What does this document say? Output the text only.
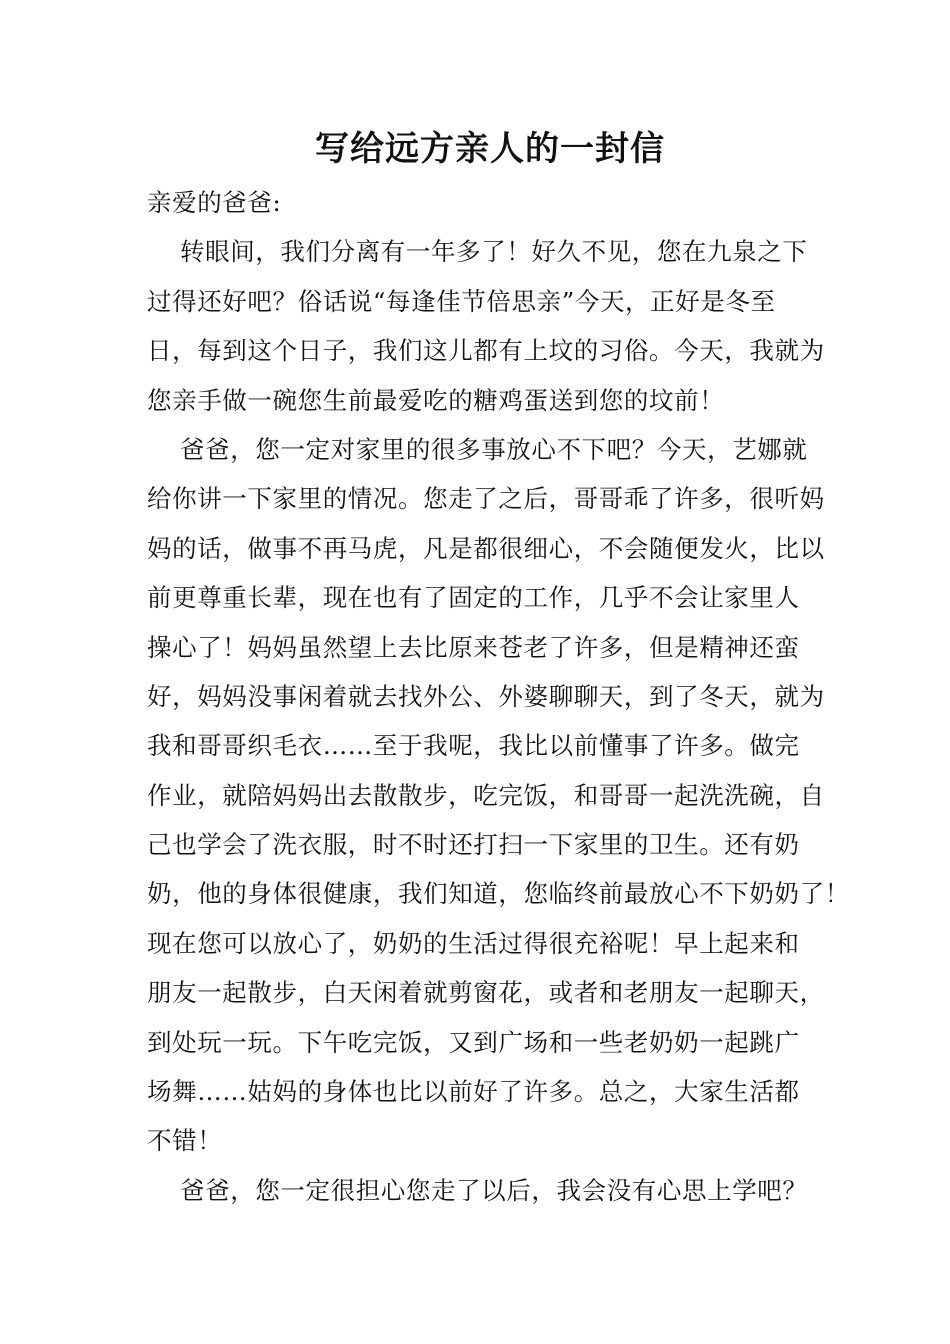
写给远方亲人的一封信
亲爱的爸爸:
转眼间，我们分离有一年多了！好久不见，您在九泉之下
过得还好吧？俗话说“每逢佳节倍思亲”今天，正好是冬至
日，每到这个日子，我们这儿都有上坟的习俗。今天，我就为
您亲手做一碗您生前最爱吃的糖鸡蛋送到您的坟前！
爸爸，您一定对家里的很多事放心不下吧？今天，艺娜就
给你讲一下家里的情况。您走了之后，哥哥乖了许多，很听妈
妈的话，做事不再马虎，凡是都很细心，不会随便发火，比以
前更尊重长辈，现在也有了固定的工作，几乎不会让家里人
操心了！妈妈虽然望上去比原来苍老了许多，但是精神还蛮
好，妈妈没事闲着就去找外公、外婆聊聊天，到了冬天，就为
我和哥哥织毛衣……至于我呢，我比以前懂事了许多。做完
作业，就陪妈妈出去散散步，吃完饭，和哥哥一起洗洗碗，自
己也学会了洗衣服，时不时还打扫一下家里的卫生。还有奶
奶，他的身体很健康，我们知道，您临终前最放心不下奶奶了！
现在您可以放心了，奶奶的生活过得很充裕呢！早上起来和
朋友一起散步，白天闲着就剪窗花，或者和老朋友一起聊天，
到处玩一玩。下午吃完饭，又到广场和一些老奶奶一起跳广
场舞……姑妈的身体也比以前好了许多。总之，大家生活都
不错！
爸爸，您一定很担心您走了以后，我会没有心思上学吧？
